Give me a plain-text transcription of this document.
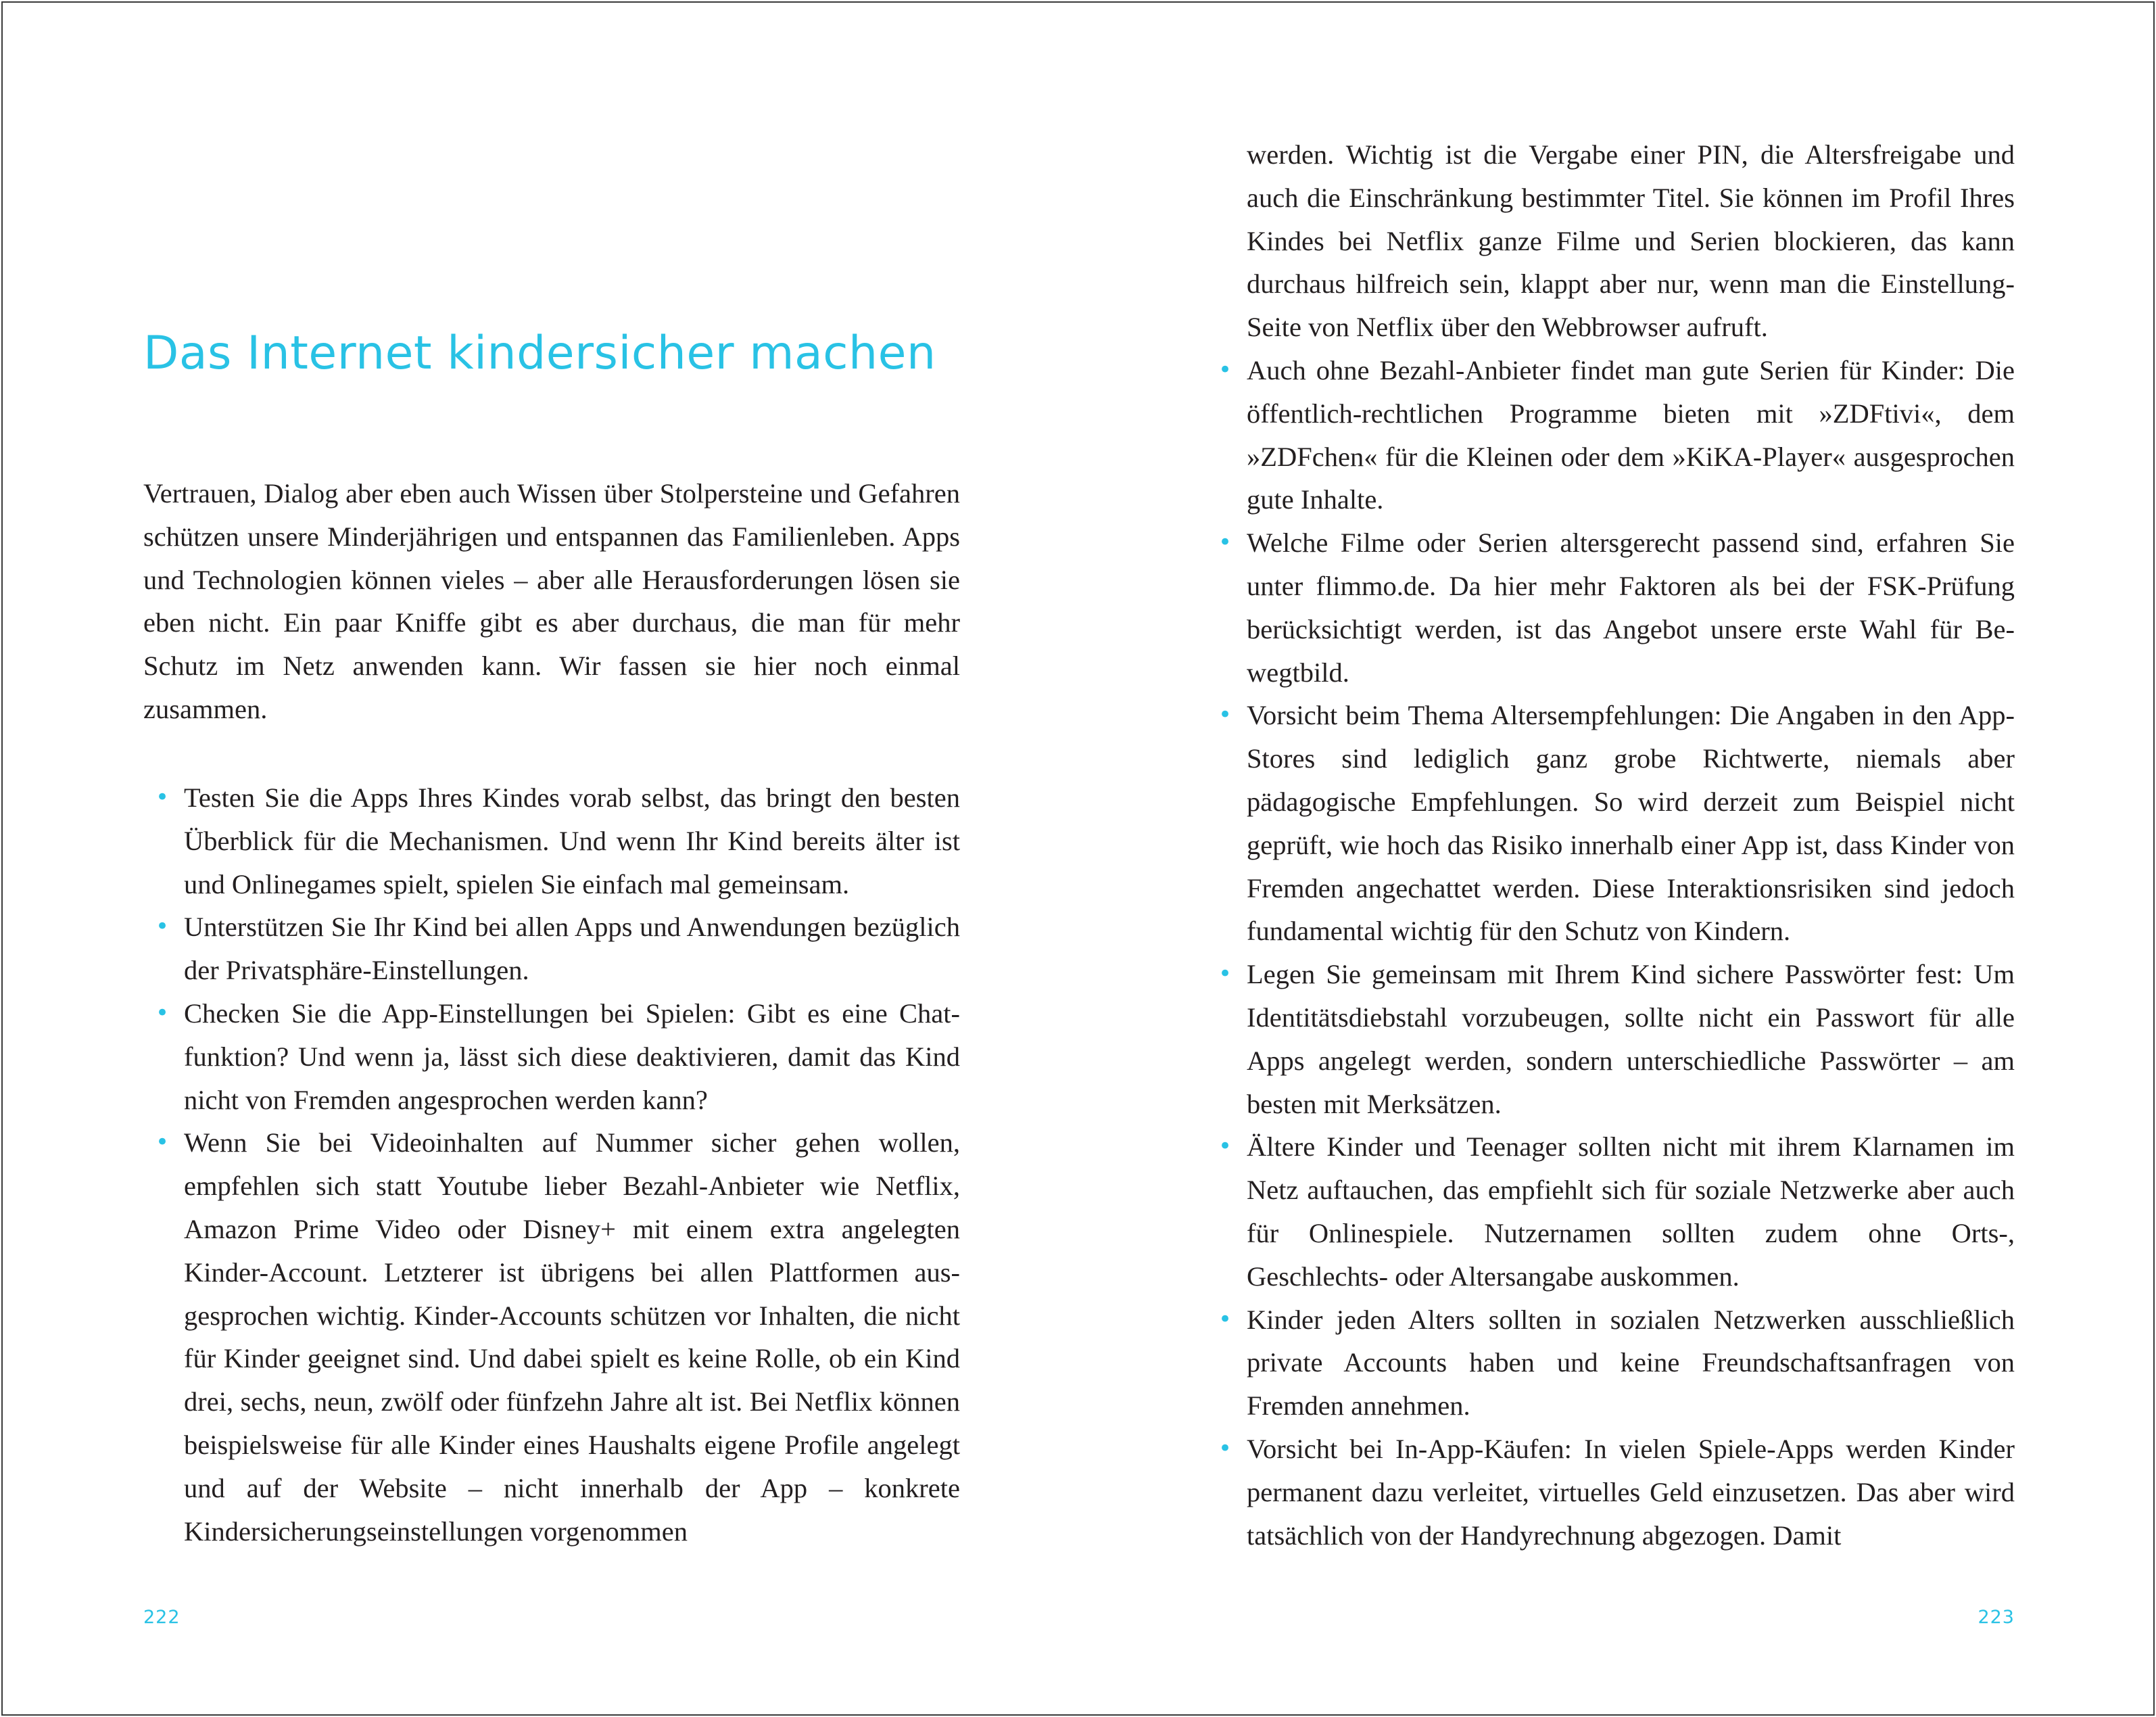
Das Internet kindersicher machen

Vertrauen, Dialog aber eben auch Wissen über Stolpersteine und Gefahren schützen unsere Minderjährigen und entspannen das Familienleben. Apps und Technologien können vieles – aber alle Herausforderungen lösen sie eben nicht. Ein paar Kniffe gibt es aber durchaus, die man für mehr Schutz im Netz anwenden kann. Wir fassen sie hier noch einmal zusammen.

• Testen Sie die Apps Ihres Kindes vorab selbst, das bringt den besten Überblick für die Mechanismen. Und wenn Ihr Kind bereits älter ist und Onlinegames spielt, spielen Sie einfach mal gemeinsam.
• Unterstützen Sie Ihr Kind bei allen Apps und Anwendungen bezüglich der Privatsphäre-Einstellungen.
• Checken Sie die App-Einstellungen bei Spielen: Gibt es eine Chatfunktion? Und wenn ja, lässt sich diese deaktivieren, damit das Kind nicht von Fremden angesprochen werden kann?
• Wenn Sie bei Videoinhalten auf Nummer sicher gehen wollen, empfehlen sich statt Youtube lieber Bezahl-Anbieter wie Netflix, Amazon Prime Video oder Disney+ mit einem extra angelegten Kinder-Account. Letzterer ist übrigens bei allen Plattformen ausgesprochen wichtig. Kinder-Accounts schützen vor Inhalten, die nicht für Kinder geeignet sind. Und dabei spielt es keine Rolle, ob ein Kind drei, sechs, neun, zwölf oder fünfzehn Jahre alt ist. Bei Netflix können beispielsweise für alle Kinder eines Haushalts eigene Profile angelegt und auf der Website – nicht innerhalb der App – konkrete Kindersicherungseinstellungen vorgenommen
222

werden. Wichtig ist die Vergabe einer PIN, die Altersfreigabe und auch die Einschränkung bestimmter Titel. Sie können im Profil Ihres Kindes bei Netflix ganze Filme und Serien blockieren, das kann durchaus hilfreich sein, klappt aber nur, wenn man die Einstellung-Seite von Netflix über den Webbrowser aufruft.

• Auch ohne Bezahl-Anbieter findet man gute Serien für Kinder: Die öffentlich-rechtlichen Programme bieten mit »ZDFtivi«, dem »ZDFchen« für die Kleinen oder dem »KiKA-Player« ausgesprochen gute Inhalte.
• Welche Filme oder Serien altersgerecht passend sind, erfahren Sie unter flimmo.de. Da hier mehr Faktoren als bei der FSK-Prüfung berücksichtigt werden, ist das Angebot unsere erste Wahl für Bewegtbild.
• Vorsicht beim Thema Altersempfehlungen: Die Angaben in den App-Stores sind lediglich ganz grobe Richtwerte, niemals aber pädagogische Empfehlungen. So wird derzeit zum Beispiel nicht geprüft, wie hoch das Risiko innerhalb einer App ist, dass Kinder von Fremden angechattet werden. Diese Interaktionsrisiken sind jedoch fundamental wichtig für den Schutz von Kindern.
• Legen Sie gemeinsam mit Ihrem Kind sichere Passwörter fest: Um Identitätsdiebstahl vorzubeugen, sollte nicht ein Passwort für alle Apps angelegt werden, sondern unterschiedliche Passwörter – am besten mit Merksätzen.
• Ältere Kinder und Teenager sollten nicht mit ihrem Klarnamen im Netz auftauchen, das empfiehlt sich für soziale Netzwerke aber auch für Onlinespiele. Nutzernamen sollten zudem ohne Orts-, Geschlechts- oder Altersangabe auskommen.
• Kinder jeden Alters sollten in sozialen Netzwerken ausschließlich private Accounts haben und keine Freundschaftsanfragen von Fremden annehmen.
• Vorsicht bei In-App-Käufen: In vielen Spiele-Apps werden Kinder permanent dazu verleitet, virtuelles Geld einzusetzen. Das aber wird tatsächlich von der Handyrechnung abgezogen. Damit
223
